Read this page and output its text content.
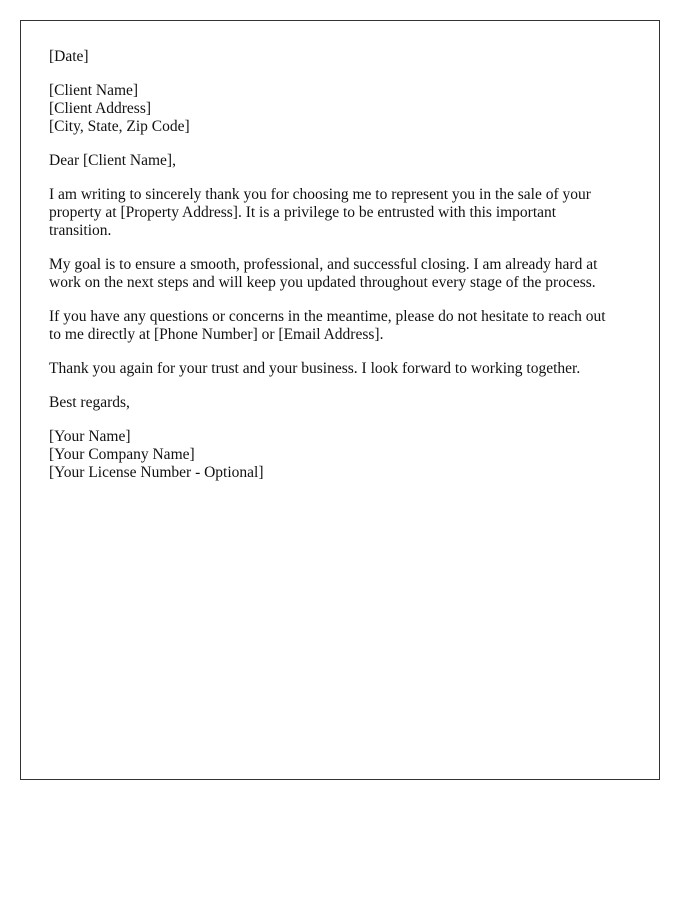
[Date]
[Client Name]
[Client Address]
[City, State, Zip Code]
Dear [Client Name],
I am writing to sincerely thank you for choosing me to represent you in the sale of your
property at [Property Address]. It is a privilege to be entrusted with this important
transition.
My goal is to ensure a smooth, professional, and successful closing. I am already hard at
work on the next steps and will keep you updated throughout every stage of the process.
If you have any questions or concerns in the meantime, please do not hesitate to reach out
to me directly at [Phone Number] or [Email Address].
Thank you again for your trust and your business. I look forward to working together.
Best regards,
[Your Name]
[Your Company Name]
[Your License Number - Optional]
